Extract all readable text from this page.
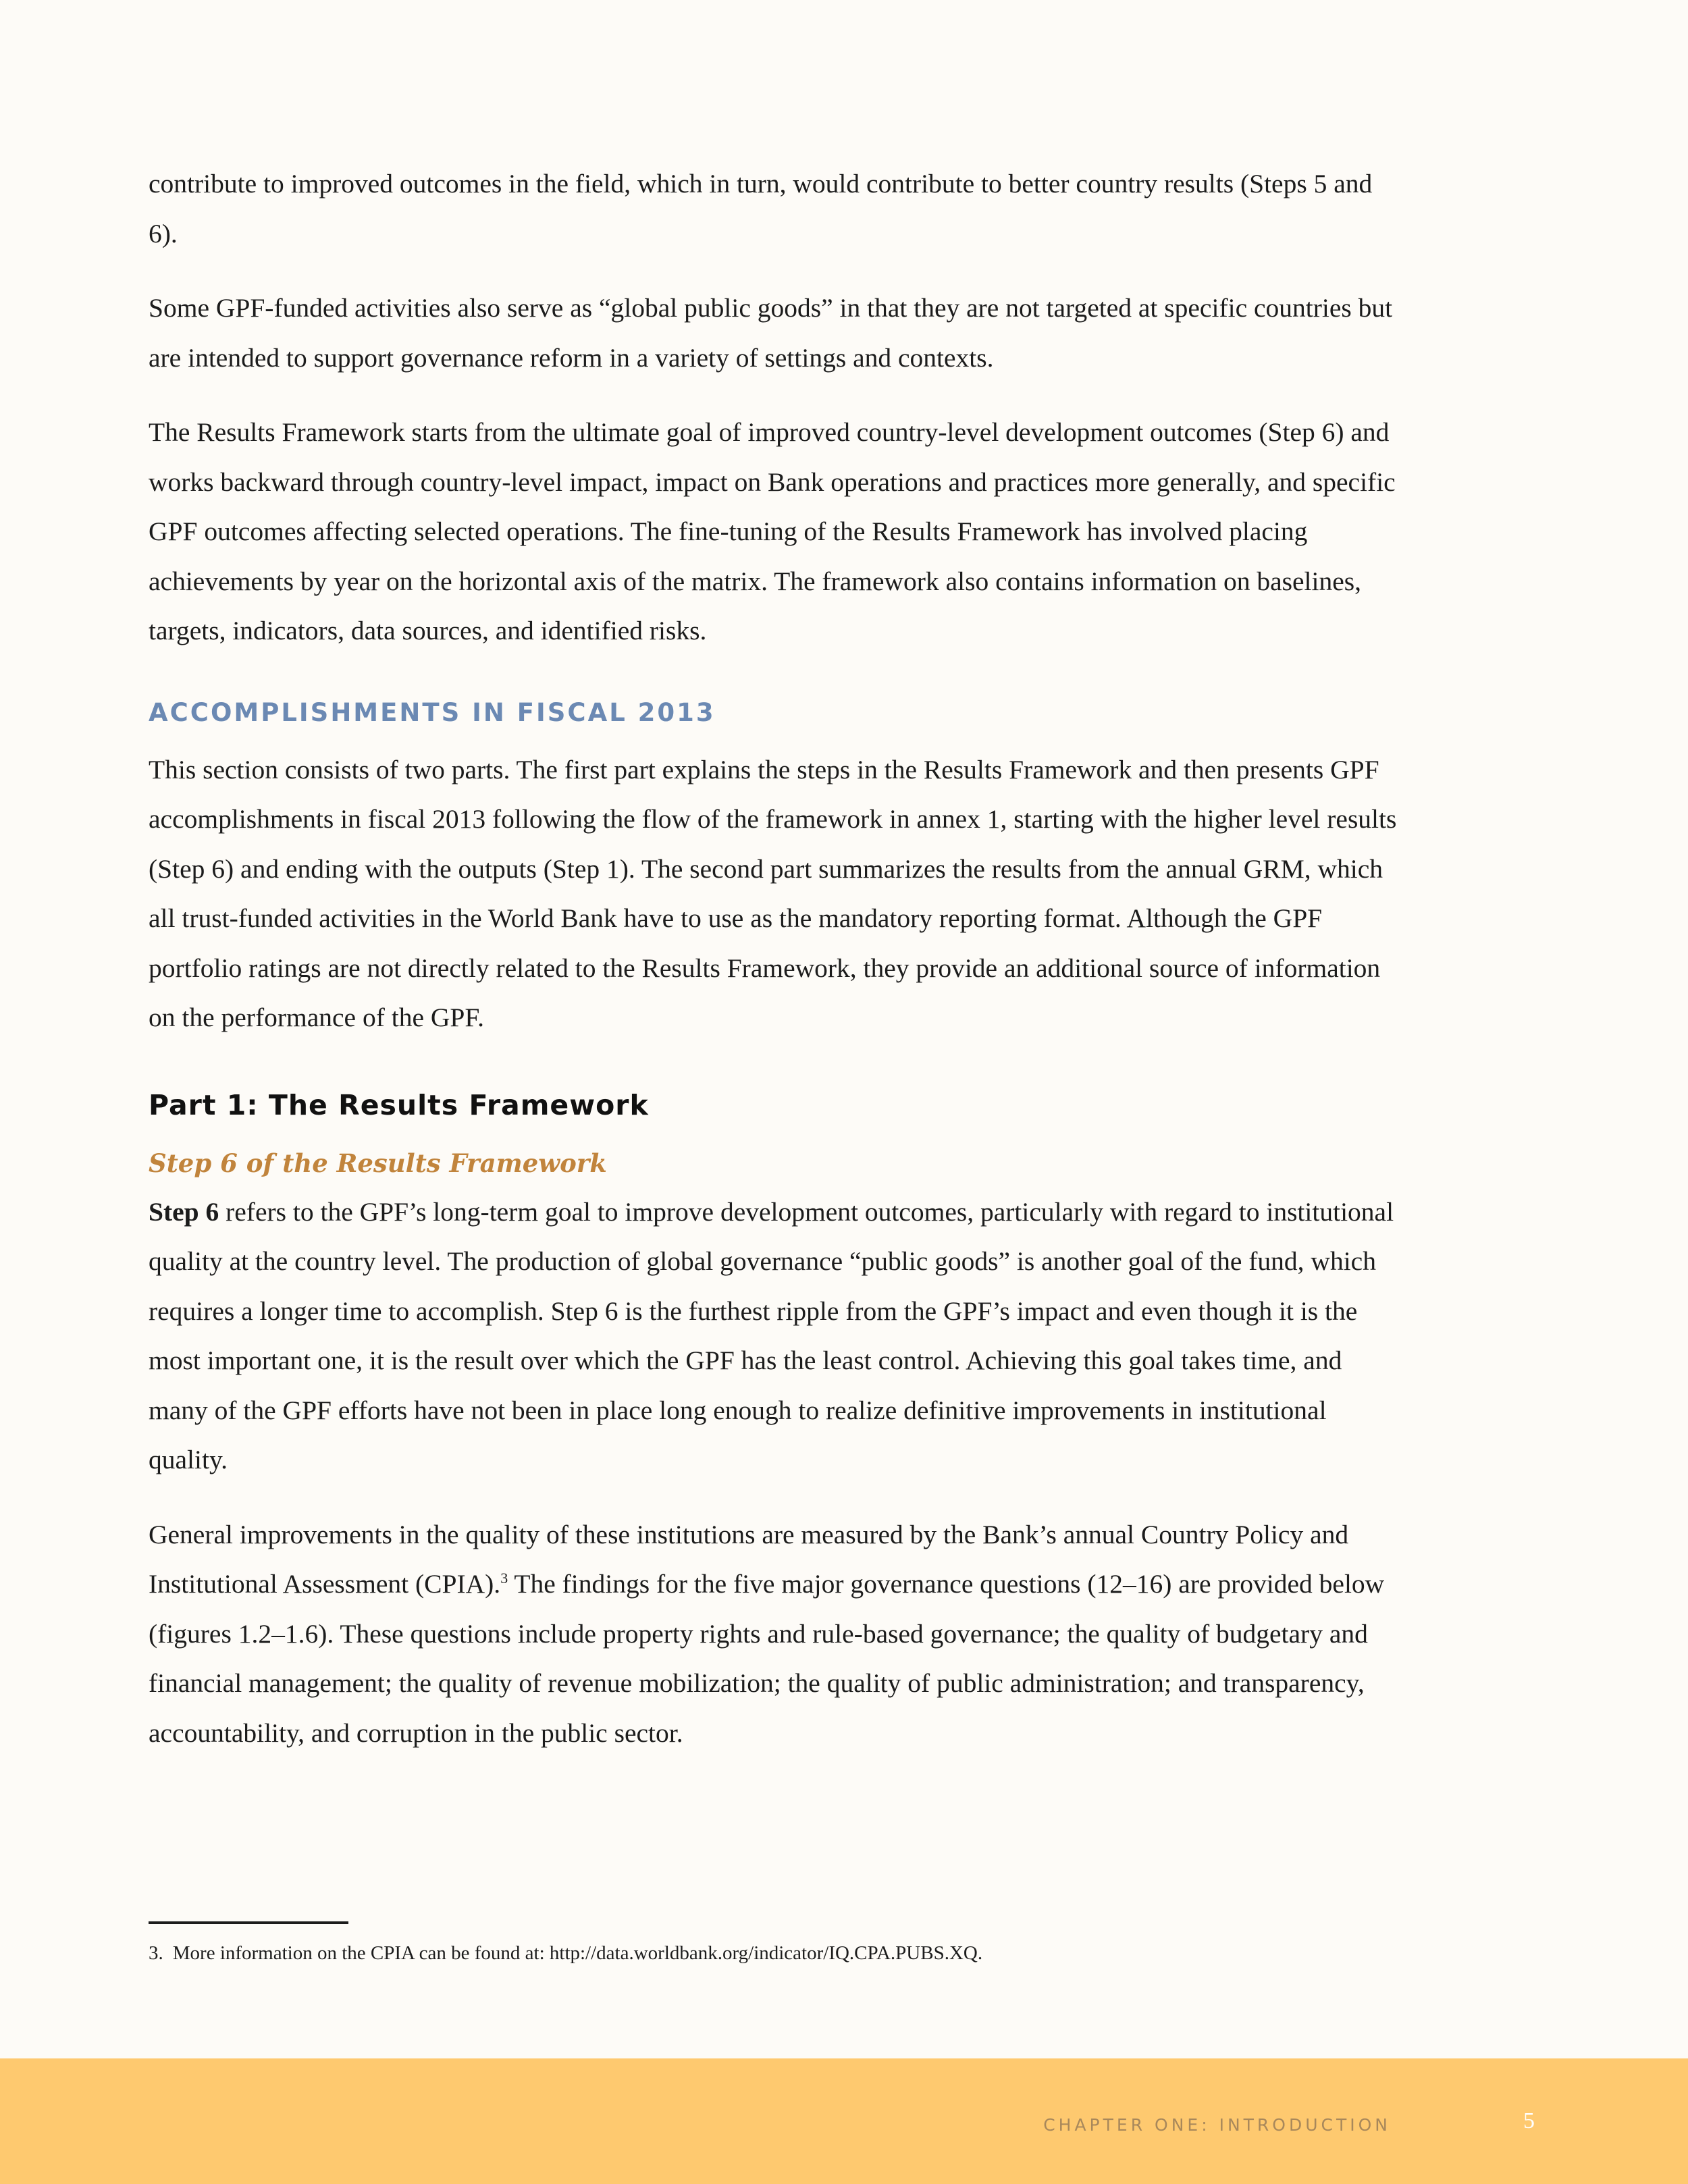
contribute to improved outcomes in the field, which in turn, would contribute to better country results (Steps 5 and 6).

Some GPF-funded activities also serve as “global public goods” in that they are not targeted at specific countries but are intended to support governance reform in a variety of settings and contexts.

The Results Framework starts from the ultimate goal of improved country-level development outcomes (Step 6) and works backward through country-level impact, impact on Bank operations and practices more generally, and specific GPF outcomes affecting selected operations. The fine-tuning of the Results Framework has involved placing achievements by year on the horizontal axis of the matrix. The framework also contains information on baselines, targets, indicators, data sources, and identified risks.

ACCOMPLISHMENTS IN FISCAL 2013

This section consists of two parts. The first part explains the steps in the Results Framework and then presents GPF accomplishments in fiscal 2013 following the flow of the framework in annex 1, starting with the higher level results (Step 6) and ending with the outputs (Step 1). The second part summarizes the results from the annual GRM, which all trust-funded activities in the World Bank have to use as the mandatory reporting format. Although the GPF portfolio ratings are not directly related to the Results Framework, they provide an additional source of information on the performance of the GPF.

Part 1: The Results Framework
Step 6 of the Results Framework

Step 6 refers to the GPF’s long-term goal to improve development outcomes, particularly with regard to institutional quality at the country level. The production of global governance “public goods” is another goal of the fund, which requires a longer time to accomplish. Step 6 is the furthest ripple from the GPF’s impact and even though it is the most important one, it is the result over which the GPF has the least control. Achieving this goal takes time, and many of the GPF efforts have not been in place long enough to realize definitive improvements in institutional quality.

General improvements in the quality of these institutions are measured by the Bank’s annual Country Policy and Institutional Assessment (CPIA).$^3$ The findings for the five major governance questions (12–16) are provided below (figures 1.2–1.6). These questions include property rights and rule-based governance; the quality of budgetary and financial management; the quality of revenue mobilization; the quality of public administration; and transparency, accountability, and corruption in the public sector.

3. More information on the CPIA can be found at: http://data.worldbank.org/indicator/IQ.CPA.PUBS.XQ.
CHAPTER ONE: INTRODUCTION	5
